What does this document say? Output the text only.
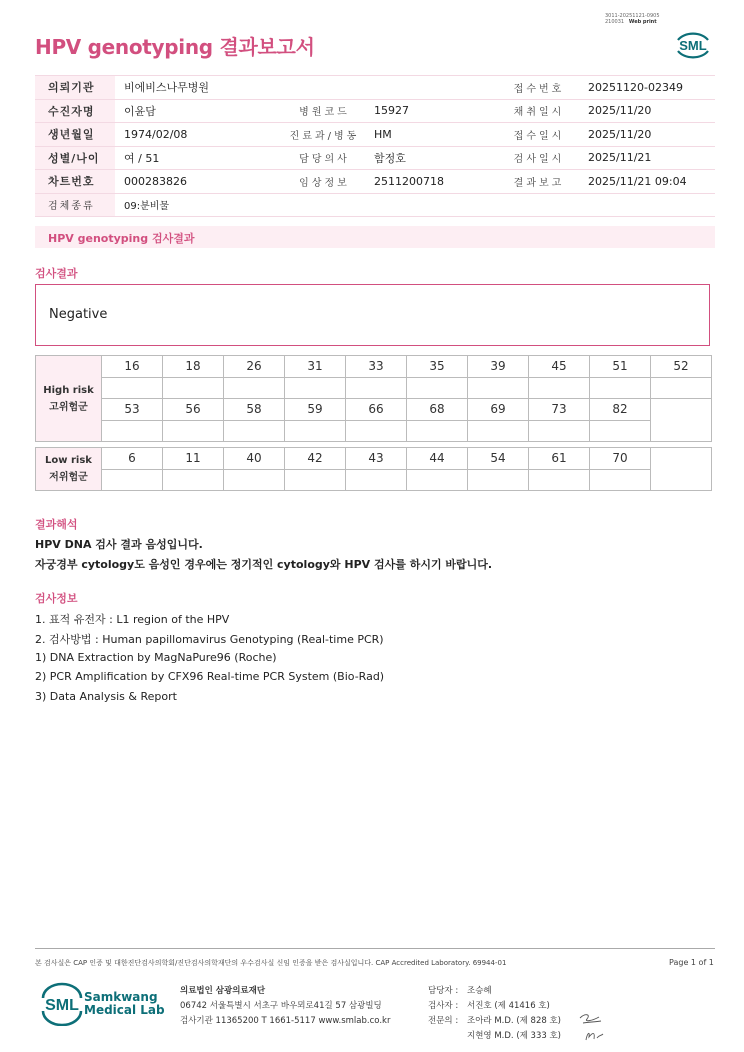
3011-20251121-0905
210031 Web print
HPV genotyping 결과보고서	SML
의뢰기관	비에비스나무병원			접수번호	20251120-02349
수진자명	이윤담	병원코드	15927	채취일시	2025/11/20
생년월일	1974/02/08	진료과/병동	HM	접수일시	2025/11/20
성별/나이	여 / 51	담당의사	함정호	검사일시	2025/11/21
차트번호	000283826	임상정보	2511200718	결과보고	2025/11/21 09:04
검체종류	09:분비물				
HPV genotyping 검사결과
검사결과
Negative
High risk
고위험군	16	18	26	31	33	35	39	45	51	52

	53	56	58	59	66	68	69	73	82	

Low risk
저위험군	6	11	40	42	43	44	54	61	70	

결과해석
HPV DNA 검사 결과 음성입니다.
자궁경부 cytology도 음성인 경우에는 정기적인 cytology와 HPV 검사를 하시기 바랍니다.
검사정보
1. 표적 유전자 : L1 region of the HPV
2. 검사방법 : Human papillomavirus Genotyping (Real-time PCR)
1) DNA Extraction by MagNaPure96 (Roche)
2) PCR Amplification by CFX96 Real-time PCR System (Bio-Rad)
3) Data Analysis & Report
본 검사실은 CAP 인증 및 대한진단검사의학회/진단검사의학재단의 우수검사실 신임 인증을 받은 검사실입니다. CAP Accredited Laboratory. 69944-01	Page 1 of 1
SML Samkwang
Medical Lab
의료법인 삼광의료재단
06742 서울특별시 서초구 바우뫼로41길 57 삼광빌딩
검사기관 11365200 T 1661-5117 www.smlab.co.kr
담당자 : 조승혜
검사자 : 서진호 (제 41416 호)
전문의 : 조아라 M.D. (제 828 호)
지현영 M.D. (제 333 호)
